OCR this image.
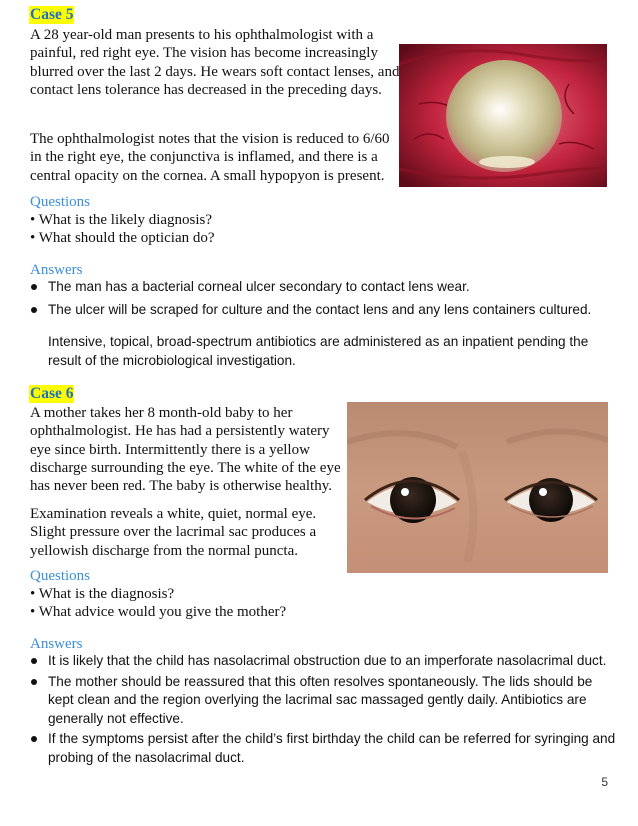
Case 5
A 28 year-old man presents to his ophthalmologist with a
painful, red right eye. The vision has become increasingly
blurred over the last 2 days. He wears soft contact lenses, and
contact lens tolerance has decreased in the preceding days.
The ophthalmologist notes that the vision is reduced to 6/60
in the right eye, the conjunctiva is inflamed, and there is a
central opacity on the cornea. A small hypopyon is present.
Questions
• What is the likely diagnosis?
• What should the optician do?
Answers
The man has a bacterial corneal ulcer secondary to contact lens wear.
The ulcer will be scraped for culture and the contact lens and any lens containers cultured.
Intensive, topical, broad-spectrum antibiotics are administered as an inpatient pending the result of the microbiological investigation.
Case 6
A mother takes her 8 month-old baby to her
ophthalmologist. He has had a persistently watery
eye since birth. Intermittently there is a yellow
discharge surrounding the eye. The white of the eye
has never been red. The baby is otherwise healthy.
Examination reveals a white, quiet, normal eye.
Slight pressure over the lacrimal sac produces a
yellowish discharge from the normal puncta.
Questions
• What is the diagnosis?
• What advice would you give the mother?
Answers
It is likely that the child has nasolacrimal obstruction due to an imperforate nasolacrimal duct.
The mother should be reassured that this often resolves spontaneously. The lids should be kept clean and the region overlying the lacrimal sac massaged gently daily. Antibiotics are generally not effective.
If the symptoms persist after the child’s first birthday the child can be referred for syringing and probing of the nasolacrimal duct.
5
